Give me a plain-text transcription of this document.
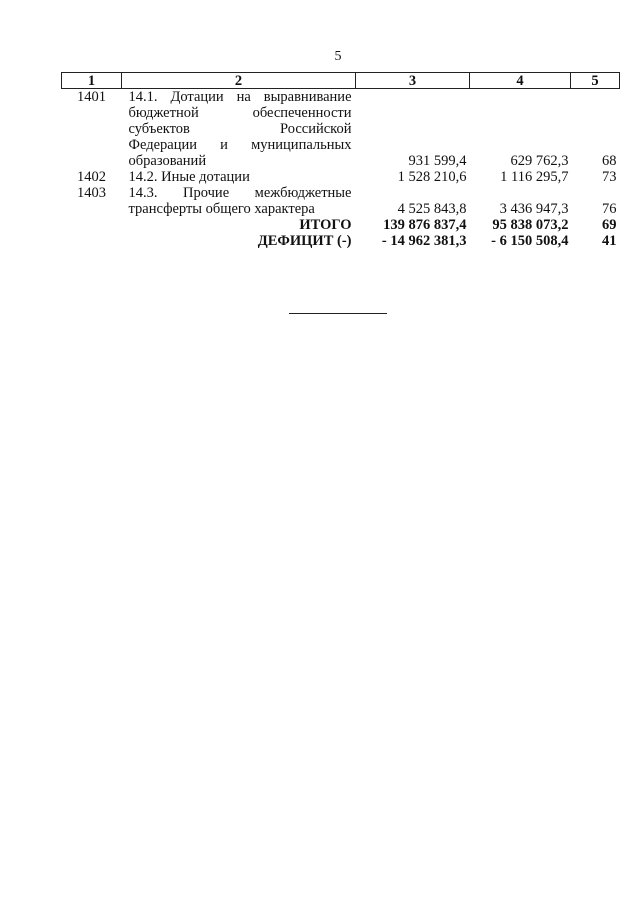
5
1	2	3	4	5
1401	14.1. Дотации на выравнивание
бюджетной обеспеченности
субъектов Российской
Федерации и муниципальных
образований	931 599,4	629 762,3	68
1402	14.2. Иные дотации	1 528 210,6	1 116 295,7	73
1403	14.3. Прочие межбюджетные
трансферты общего характера	4 525 843,8	3 436 947,3	76
	ИТОГО	139 876 837,4	95 838 073,2	69
	ДЕФИЦИТ (-)	- 14 962 381,3	- 6 150 508,4	41
